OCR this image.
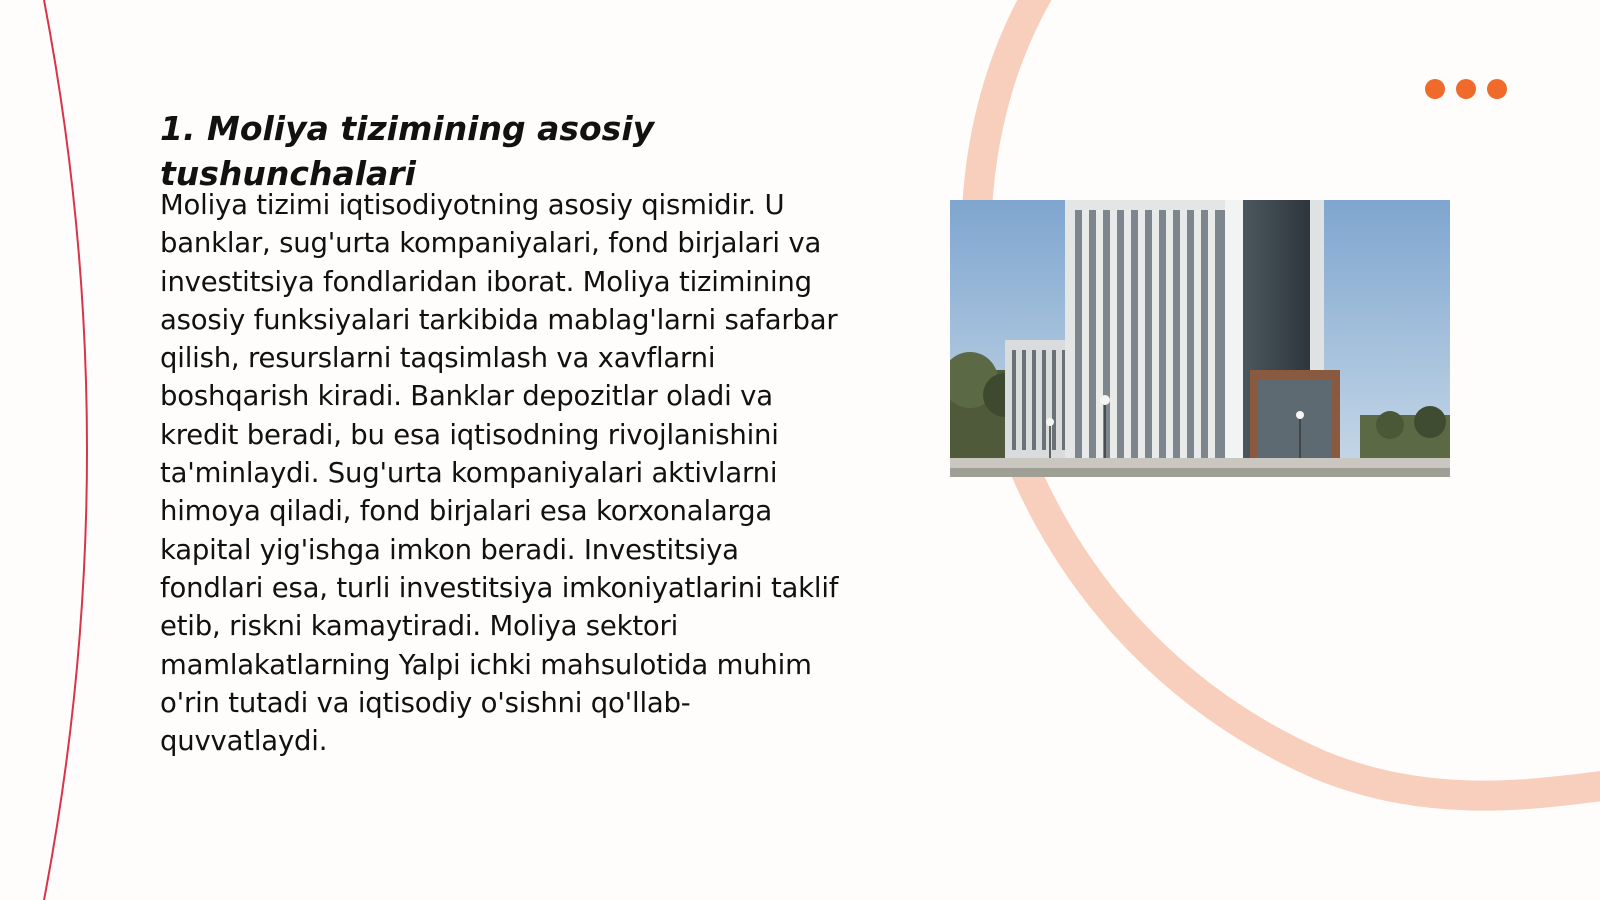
1. Moliya tizimining asosiy tushunchalari

Moliya tizimi iqtisodiyotning asosiy qismidir. U banklar, sug'urta kompaniyalari, fond birjalari va investitsiya fondlaridan iborat. Moliya tizimining asosiy funksiyalari tarkibida mablag'larni safarbar qilish, resurslarni taqsimlash va xavflarni boshqarish kiradi. Banklar depozitlar oladi va kredit beradi, bu esa iqtisodning rivojlanishini ta'minlaydi. Sug'urta kompaniyalari aktivlarni himoya qiladi, fond birjalari esa korxonalarga kapital yig'ishga imkon beradi. Investitsiya fondlari esa, turli investitsiya imkoniyatlarini taklif etib, riskni kamaytiradi. Moliya sektori mamlakatlarning Yalpi ichki mahsulotida muhim o'rin tutadi va iqtisodiy o'sishni qo'llab-quvvatlaydi.
